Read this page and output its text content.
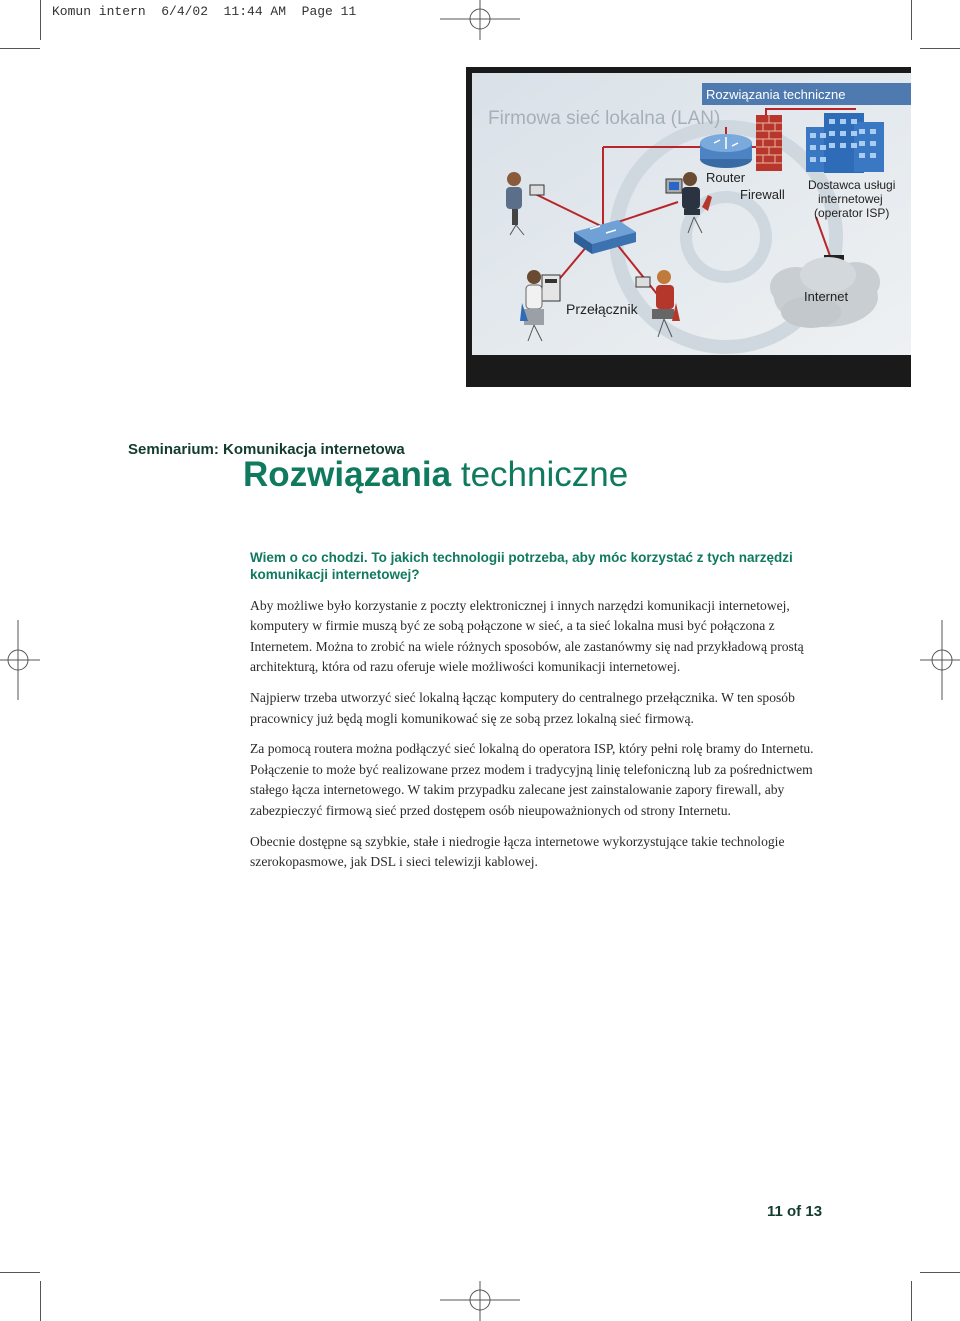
Komun intern  6/4/02  11:44 AM  Page 11
Rozwiązania techniczne
Firmowa sieć lokalna (LAN)
Router
Firewall
Dostawca usługi
internetowej
(operator ISP)
Internet
Przełącznik
Seminarium: Komunikacja internetowa
Rozwiązania techniczne
Wiem o co chodzi. To jakich technologii potrzeba, aby móc korzystać z tych narzędzi komunikacji internetowej?

Aby możliwe było korzystanie z poczty elektronicznej i innych narzędzi komunikacji internetowej, komputery w firmie muszą być ze sobą połączone w sieć, a ta sieć lokalna musi być połączona z Internetem. Można to zrobić na wiele różnych sposobów, ale zastanówmy się nad przykładową prostą architekturą, która od razu oferuje wiele możliwości komunikacji internetowej.

Najpierw trzeba utworzyć sieć lokalną łącząc komputery do centralnego przełącznika. W ten sposób pracownicy już będą mogli komunikować się ze sobą przez lokalną sieć firmową.

Za pomocą routera można podłączyć sieć lokalną do operatora ISP, który pełni rolę bramy do Internetu. Połączenie to może być realizowane przez modem i tradycyjną linię telefoniczną lub za pośrednictwem stałego łącza internetowego. W takim przypadku zalecane jest zainstalowanie zapory firewall, aby zabezpieczyć firmową sieć przed dostępem osób nieupoważnionych od strony Internetu.

Obecnie dostępne są szybkie, stałe i niedrogie łącza internetowe wykorzystujące takie technologie szerokopasmowe, jak DSL i sieci telewizji kablowej.

11 of 13
